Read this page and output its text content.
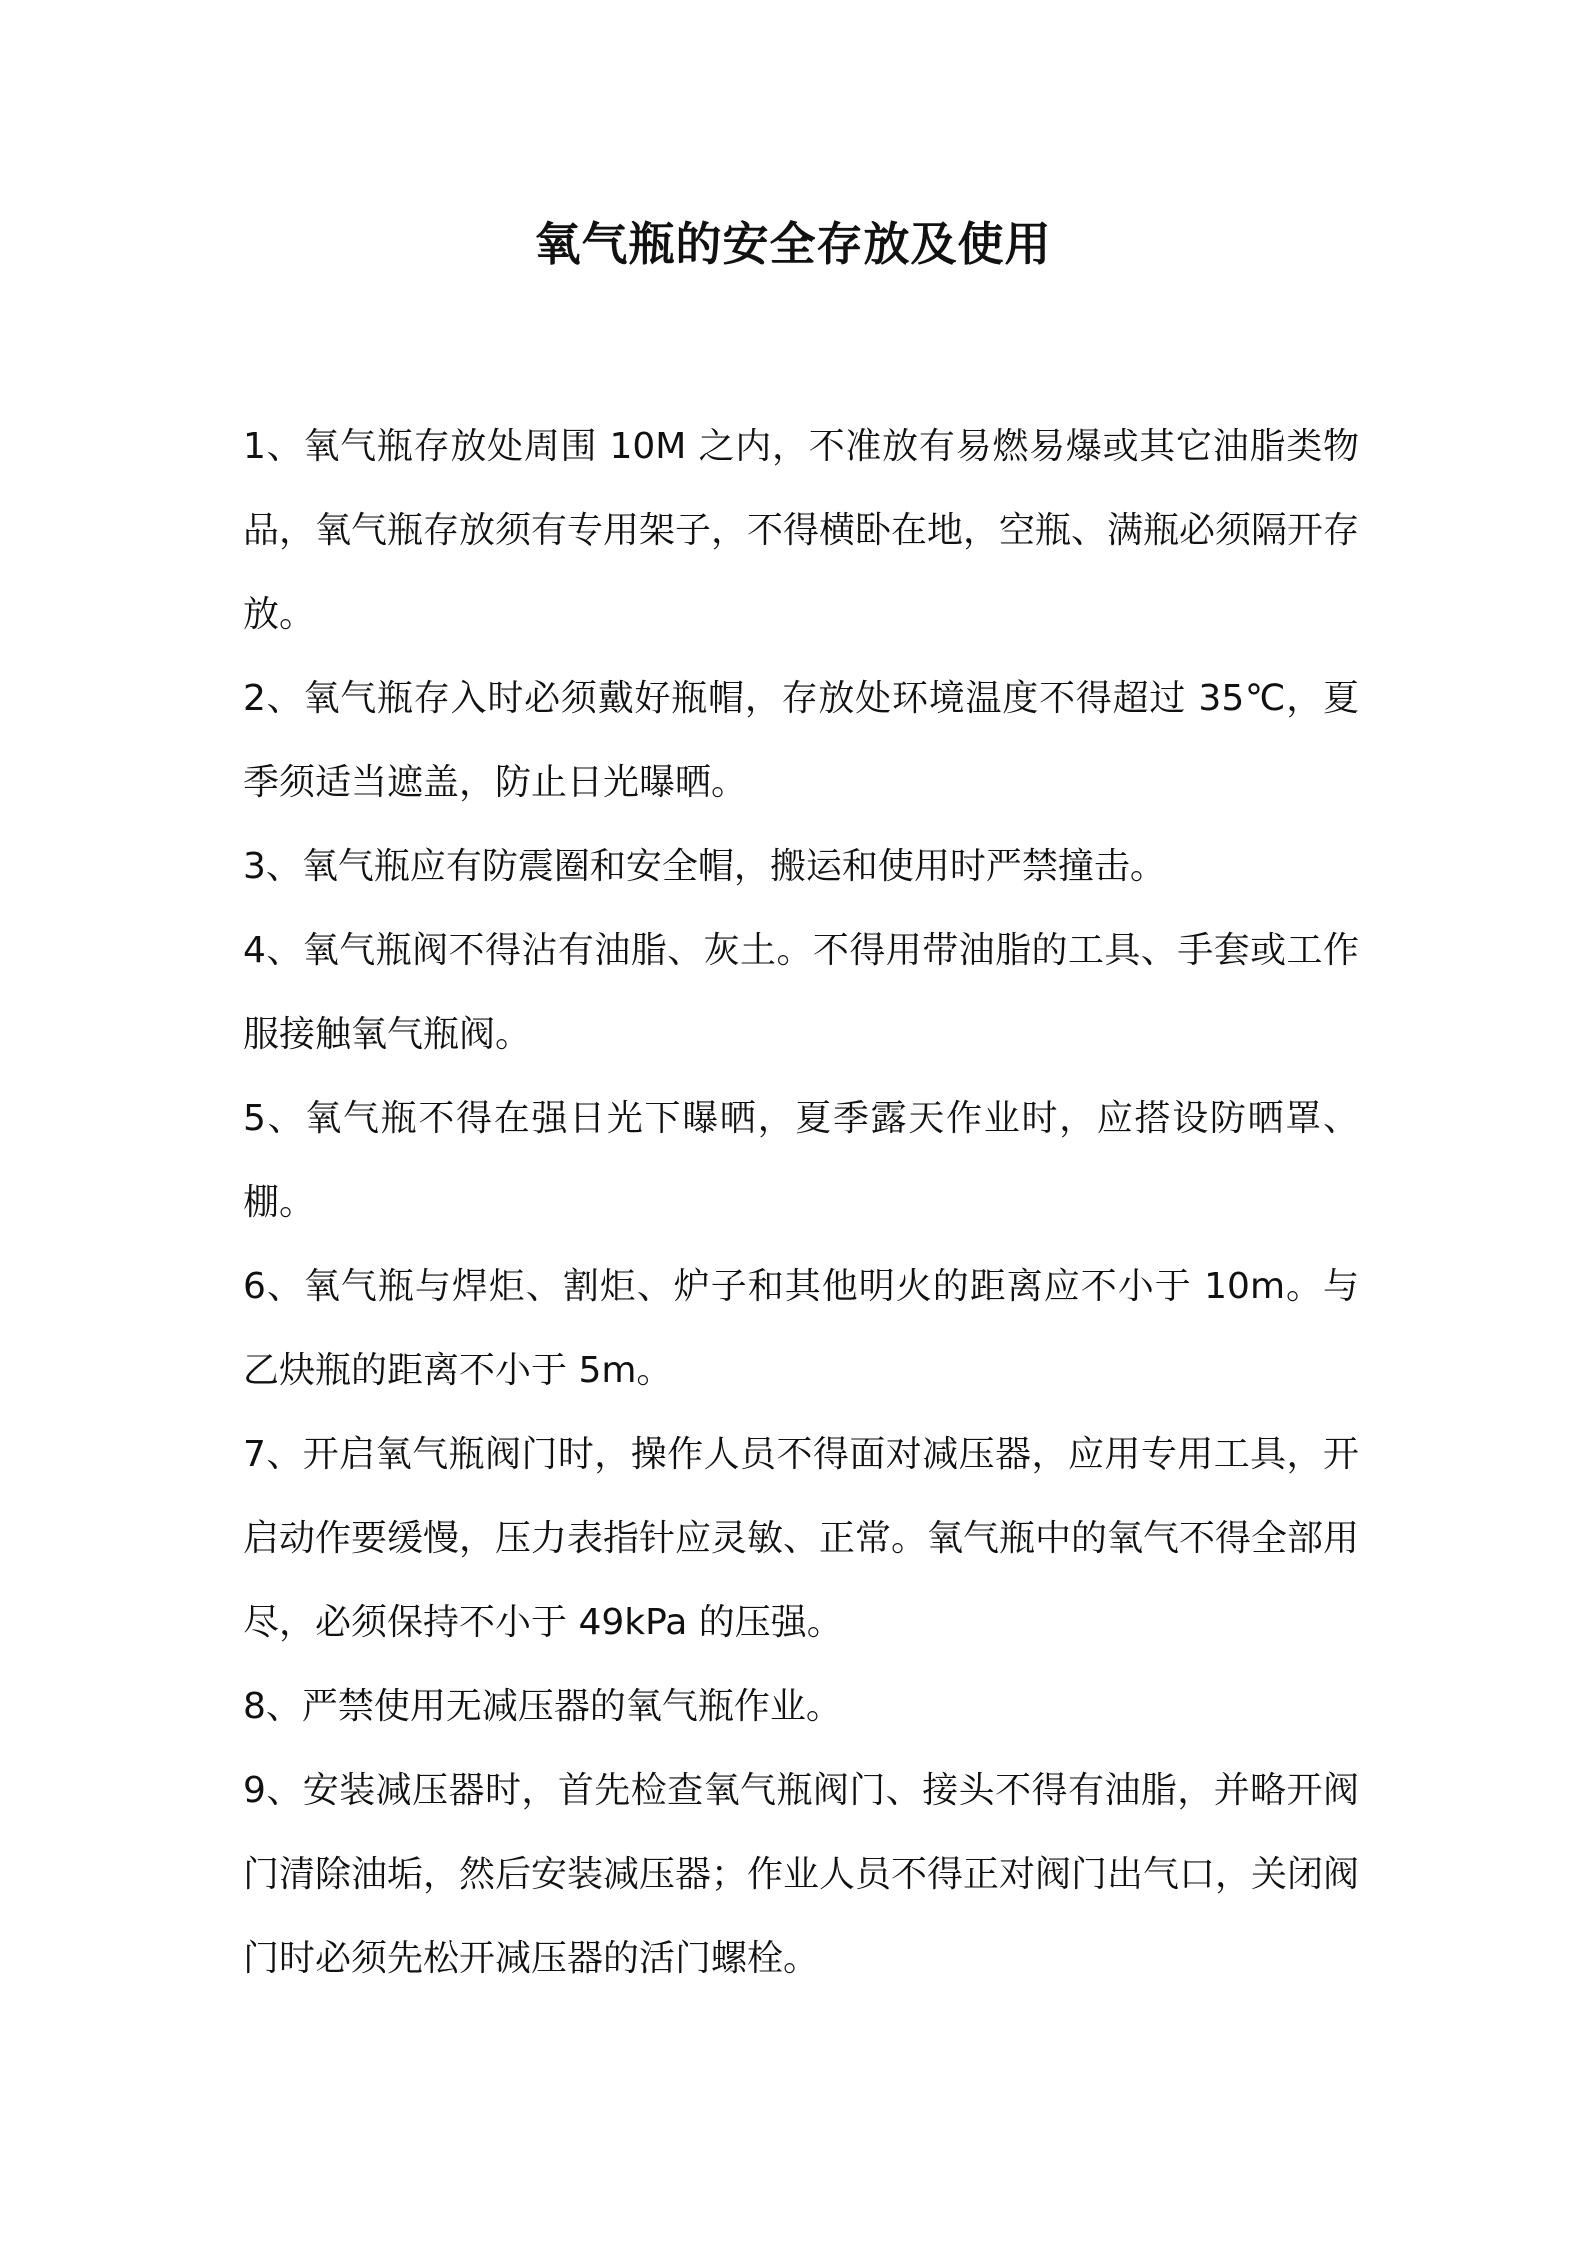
氧气瓶的安全存放及使用
1、氧气瓶存放处周围 10M 之内，不准放有易燃易爆或其它油脂类物品，氧气瓶存放须有专用架子，不得横卧在地，空瓶、满瓶必须隔开存放。
2、氧气瓶存入时必须戴好瓶帽，存放处环境温度不得超过 35℃，夏季须适当遮盖，防止日光曝晒。
3、氧气瓶应有防震圈和安全帽，搬运和使用时严禁撞击。
4、氧气瓶阀不得沾有油脂、灰土。不得用带油脂的工具、手套或工作服接触氧气瓶阀。
5、氧气瓶不得在强日光下曝晒，夏季露天作业时，应搭设防晒罩、棚。
6、氧气瓶与焊炬、割炬、炉子和其他明火的距离应不小于 10m。与乙炔瓶的距离不小于 5m。
7、开启氧气瓶阀门时，操作人员不得面对减压器，应用专用工具，开启动作要缓慢，压力表指针应灵敏、正常。氧气瓶中的氧气不得全部用尽，必须保持不小于 49kPa 的压强。
8、严禁使用无减压器的氧气瓶作业。
9、安装减压器时，首先检查氧气瓶阀门、接头不得有油脂，并略开阀门清除油垢，然后安装减压器；作业人员不得正对阀门出气口，关闭阀门时必须先松开减压器的活门螺栓。
